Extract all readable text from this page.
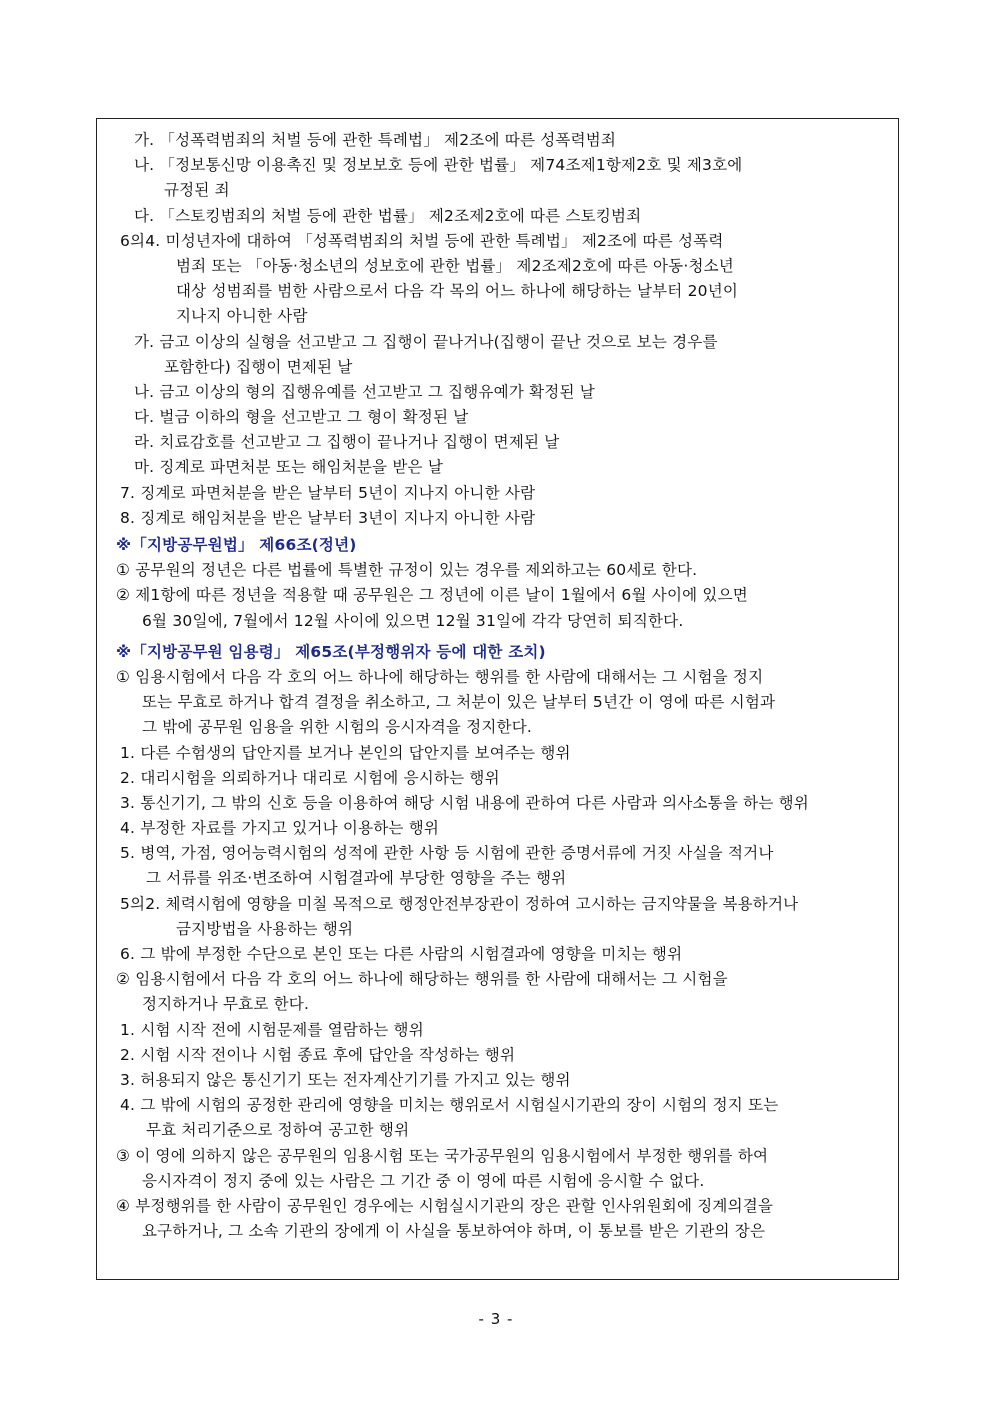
가. 「성폭력범죄의 처벌 등에 관한 특례법」 제2조에 따른 성폭력범죄
나. 「정보통신망 이용촉진 및 정보보호 등에 관한 법률」 제74조제1항제2호 및 제3호에
규정된 죄
다. 「스토킹범죄의 처벌 등에 관한 법률」 제2조제2호에 따른 스토킹범죄
6의4. 미성년자에 대하여 「성폭력범죄의 처벌 등에 관한 특례법」 제2조에 따른 성폭력
범죄 또는 「아동·청소년의 성보호에 관한 법률」 제2조제2호에 따른 아동·청소년
대상 성범죄를 범한 사람으로서 다음 각 목의 어느 하나에 해당하는 날부터 20년이
지나지 아니한 사람
가. 금고 이상의 실형을 선고받고 그 집행이 끝나거나(집행이 끝난 것으로 보는 경우를
포함한다) 집행이 면제된 날
나. 금고 이상의 형의 집행유예를 선고받고 그 집행유예가 확정된 날
다. 벌금 이하의 형을 선고받고 그 형이 확정된 날
라. 치료감호를 선고받고 그 집행이 끝나거나 집행이 면제된 날
마. 징계로 파면처분 또는 해임처분을 받은 날
7. 징계로 파면처분을 받은 날부터 5년이 지나지 아니한 사람
8. 징계로 해임처분을 받은 날부터 3년이 지나지 아니한 사람
※「지방공무원법」 제66조(정년)
① 공무원의 정년은 다른 법률에 특별한 규정이 있는 경우를 제외하고는 60세로 한다.
② 제1항에 따른 정년을 적용할 때 공무원은 그 정년에 이른 날이 1월에서 6월 사이에 있으면
6월 30일에, 7월에서 12월 사이에 있으면 12월 31일에 각각 당연히 퇴직한다.
※「지방공무원 임용령」 제65조(부정행위자 등에 대한 조치)
① 임용시험에서 다음 각 호의 어느 하나에 해당하는 행위를 한 사람에 대해서는 그 시험을 정지
또는 무효로 하거나 합격 결정을 취소하고, 그 처분이 있은 날부터 5년간 이 영에 따른 시험과
그 밖에 공무원 임용을 위한 시험의 응시자격을 정지한다.
1. 다른 수험생의 답안지를 보거나 본인의 답안지를 보여주는 행위
2. 대리시험을 의뢰하거나 대리로 시험에 응시하는 행위
3. 통신기기, 그 밖의 신호 등을 이용하여 해당 시험 내용에 관하여 다른 사람과 의사소통을 하는 행위
4. 부정한 자료를 가지고 있거나 이용하는 행위
5. 병역, 가점, 영어능력시험의 성적에 관한 사항 등 시험에 관한 증명서류에 거짓 사실을 적거나
그 서류를 위조·변조하여 시험결과에 부당한 영향을 주는 행위
5의2. 체력시험에 영향을 미칠 목적으로 행정안전부장관이 정하여 고시하는 금지약물을 복용하거나
금지방법을 사용하는 행위
6. 그 밖에 부정한 수단으로 본인 또는 다른 사람의 시험결과에 영향을 미치는 행위
② 임용시험에서 다음 각 호의 어느 하나에 해당하는 행위를 한 사람에 대해서는 그 시험을
정지하거나 무효로 한다.
1. 시험 시작 전에 시험문제를 열람하는 행위
2. 시험 시작 전이나 시험 종료 후에 답안을 작성하는 행위
3. 허용되지 않은 통신기기 또는 전자계산기기를 가지고 있는 행위
4. 그 밖에 시험의 공정한 관리에 영향을 미치는 행위로서 시험실시기관의 장이 시험의 정지 또는
무효 처리기준으로 정하여 공고한 행위
③ 이 영에 의하지 않은 공무원의 임용시험 또는 국가공무원의 임용시험에서 부정한 행위를 하여
응시자격이 정지 중에 있는 사람은 그 기간 중 이 영에 따른 시험에 응시할 수 없다.
④ 부정행위를 한 사람이 공무원인 경우에는 시험실시기관의 장은 관할 인사위원회에 징계의결을
요구하거나, 그 소속 기관의 장에게 이 사실을 통보하여야 하며, 이 통보를 받은 기관의 장은
- 3 -
